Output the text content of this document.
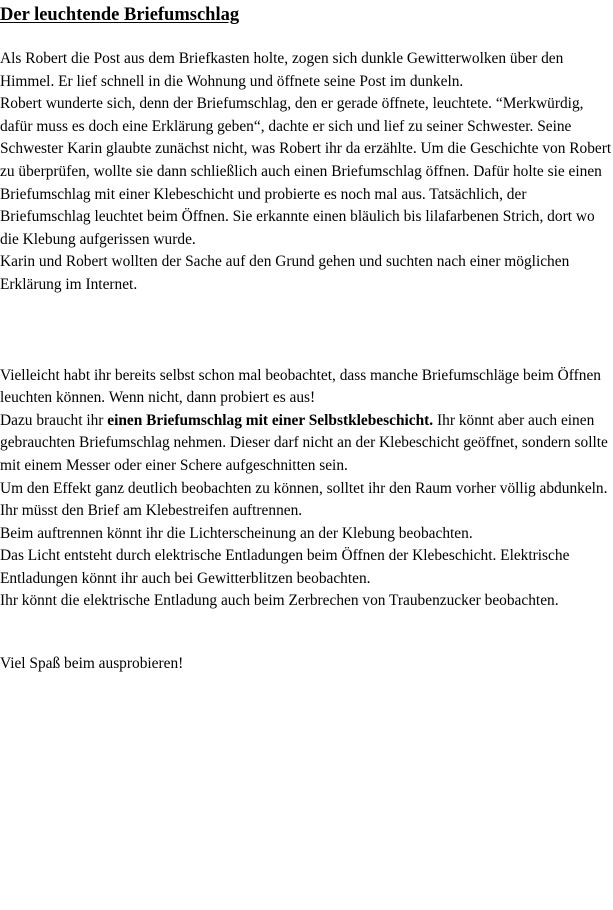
Der leuchtende Briefumschlag

Als Robert die Post aus dem Briefkasten holte, zogen sich dunkle Gewitterwolken über den Himmel. Er lief schnell in die Wohnung und öffnete seine Post im dunkeln.

Robert wunderte sich, denn der Briefumschlag, den er gerade öffnete, leuchtete. “Merkwürdig, dafür muss es doch eine Erklärung geben“, dachte er sich und lief zu seiner Schwester. Seine Schwester Karin glaubte zunächst nicht, was Robert ihr da erzählte. Um die Geschichte von Robert zu überprüfen, wollte sie dann schließlich auch einen Briefumschlag öffnen. Dafür holte sie einen Briefumschlag mit einer Klebeschicht und probierte es noch mal aus. Tatsächlich, der Briefumschlag leuchtet beim Öffnen. Sie erkannte einen bläulich bis lilafarbenen Strich, dort wo die Klebung aufgerissen wurde.

Karin und Robert wollten der Sache auf den Grund gehen und suchten nach einer möglichen Erklärung im Internet.

Vielleicht habt ihr bereits selbst schon mal beobachtet, dass manche Briefumschläge beim Öffnen leuchten können. Wenn nicht, dann probiert es aus!

Dazu braucht ihr einen Briefumschlag mit einer Selbstklebeschicht. Ihr könnt aber auch einen gebrauchten Briefumschlag nehmen. Dieser darf nicht an der Klebeschicht geöffnet, sondern sollte mit einem Messer oder einer Schere aufgeschnitten sein.

Um den Effekt ganz deutlich beobachten zu können, solltet ihr den Raum vorher völlig abdunkeln. Ihr müsst den Brief am Klebestreifen auftrennen.

Beim auftrennen könnt ihr die Lichterscheinung an der Klebung beobachten.

Das Licht entsteht durch elektrische Entladungen beim Öffnen der Klebeschicht. Elektrische Entladungen könnt ihr auch bei Gewitterblitzen beobachten.

Ihr könnt die elektrische Entladung auch beim Zerbrechen von Traubenzucker beobachten.

Viel Spaß beim ausprobieren!
